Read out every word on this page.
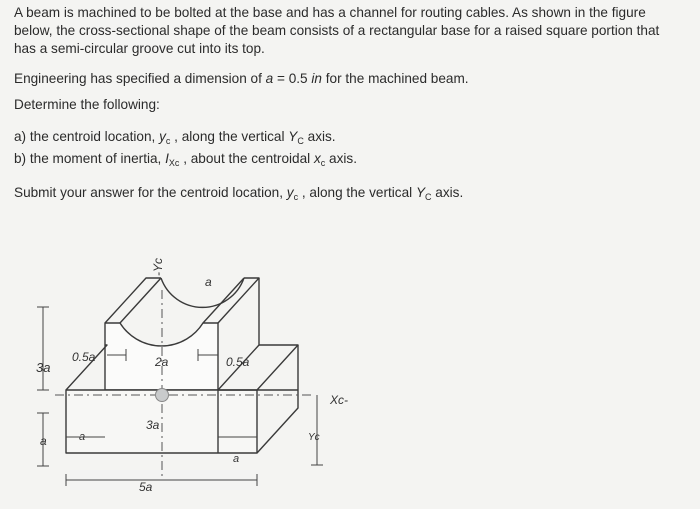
A beam is machined to be bolted at the base and has a channel for routing cables. As shown in the figure below, the cross-sectional shape of the beam consists of a rectangular base for a raised square portion that has a semi-circular groove cut into its top.

Engineering has specified a dimension of a = 0.5 in for the machined beam.

Determine the following:

a) the centroid location, $y_c$ , along the vertical $Y_C$ axis.

b) the moment of inertia, $I_{Xc}$ , about the centroidal $x_c$ axis.

Submit your answer for the centroid location, $y_c$ , along the vertical $Y_C$ axis.

-Yc
a
3a
0.5a	2a	0.5a
a	a
3a
a
5a
Xc-
Yc
